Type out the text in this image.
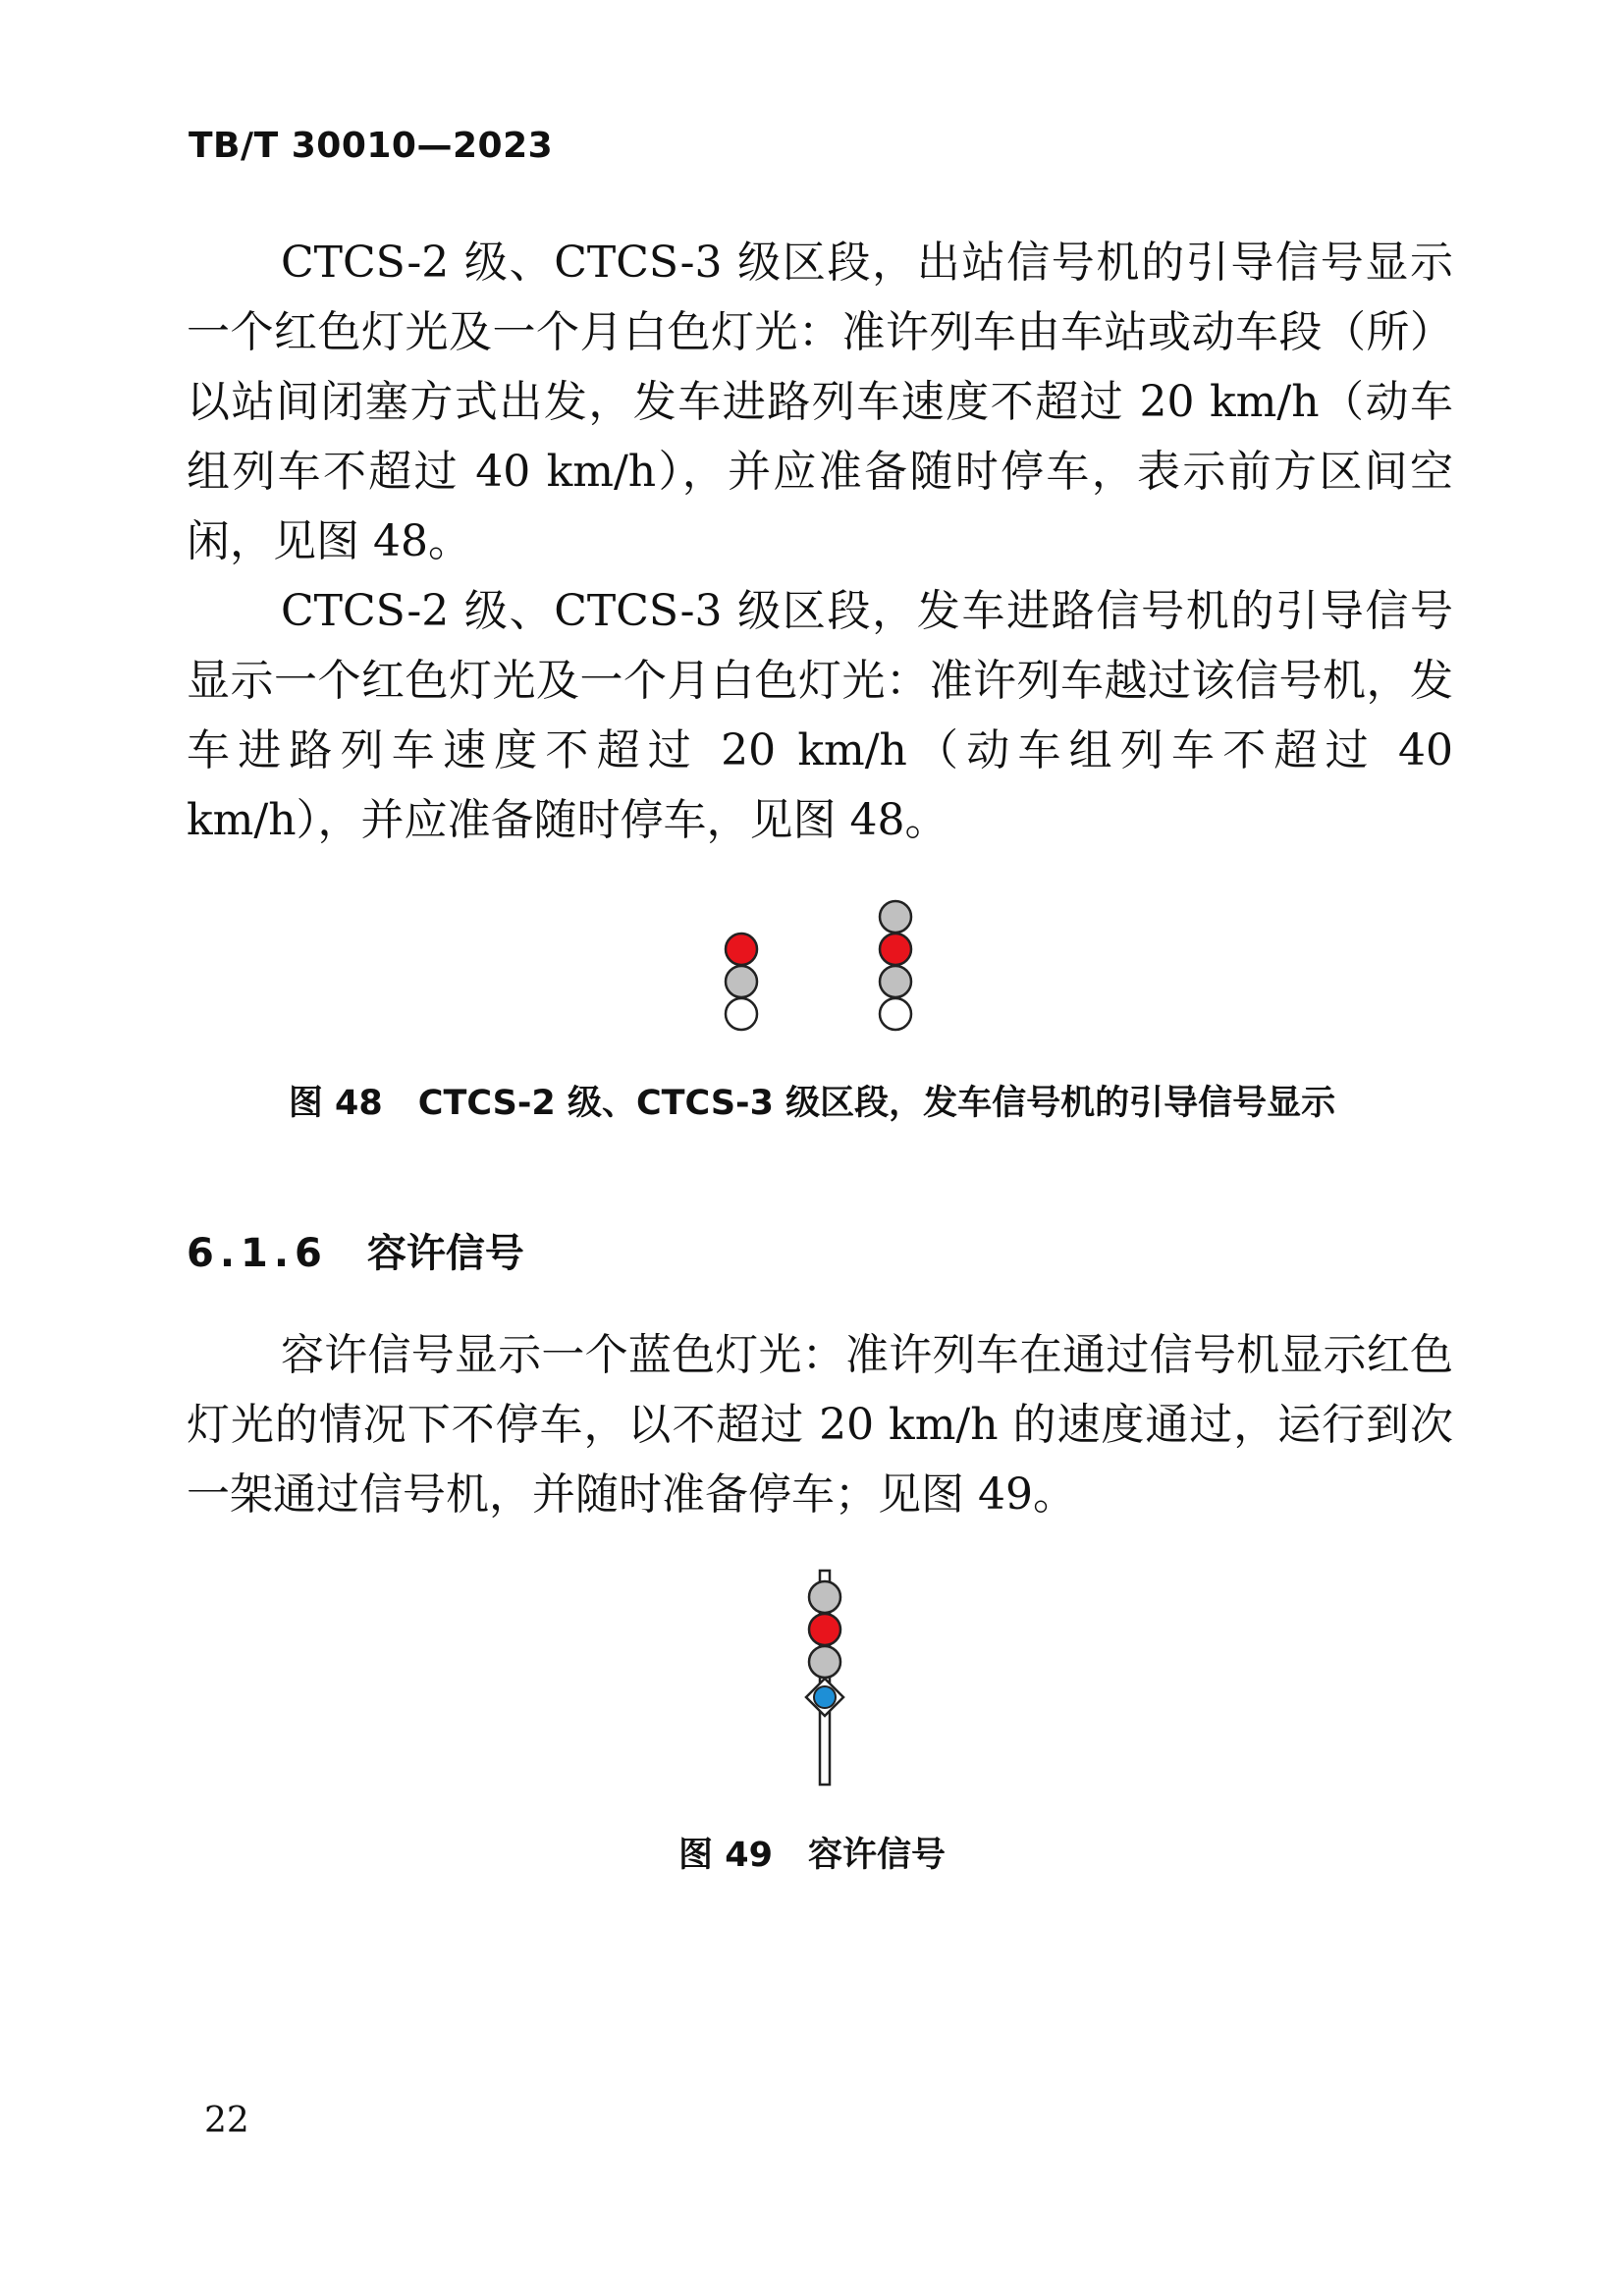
TB/T 30010—2023

CTCS-2 级、CTCS-3 级区段，出站信号机的引导信号显示一个红色灯光及一个月白色灯光：准许列车由车站或动车段（所）以站间闭塞方式出发，发车进路列车速度不超过 20 km/h（动车组列车不超过 40 km/h），并应准备随时停车，表示前方区间空闲，见图 48。

CTCS-2 级、CTCS-3 级区段，发车进路信号机的引导信号显示一个红色灯光及一个月白色灯光：准许列车越过该信号机，发车进路列车速度不超过 20 km/h（动车组列车不超过 40 km/h），并应准备随时停车，见图 48。

图 48 CTCS-2 级、CTCS-3 级区段，发车信号机的引导信号显示
6.1.6 容许信号

容许信号显示一个蓝色灯光：准许列车在通过信号机显示红色灯光的情况下不停车，以不超过 20 km/h 的速度通过，运行到次一架通过信号机，并随时准备停车；见图 49。

图 49 容许信号
22
